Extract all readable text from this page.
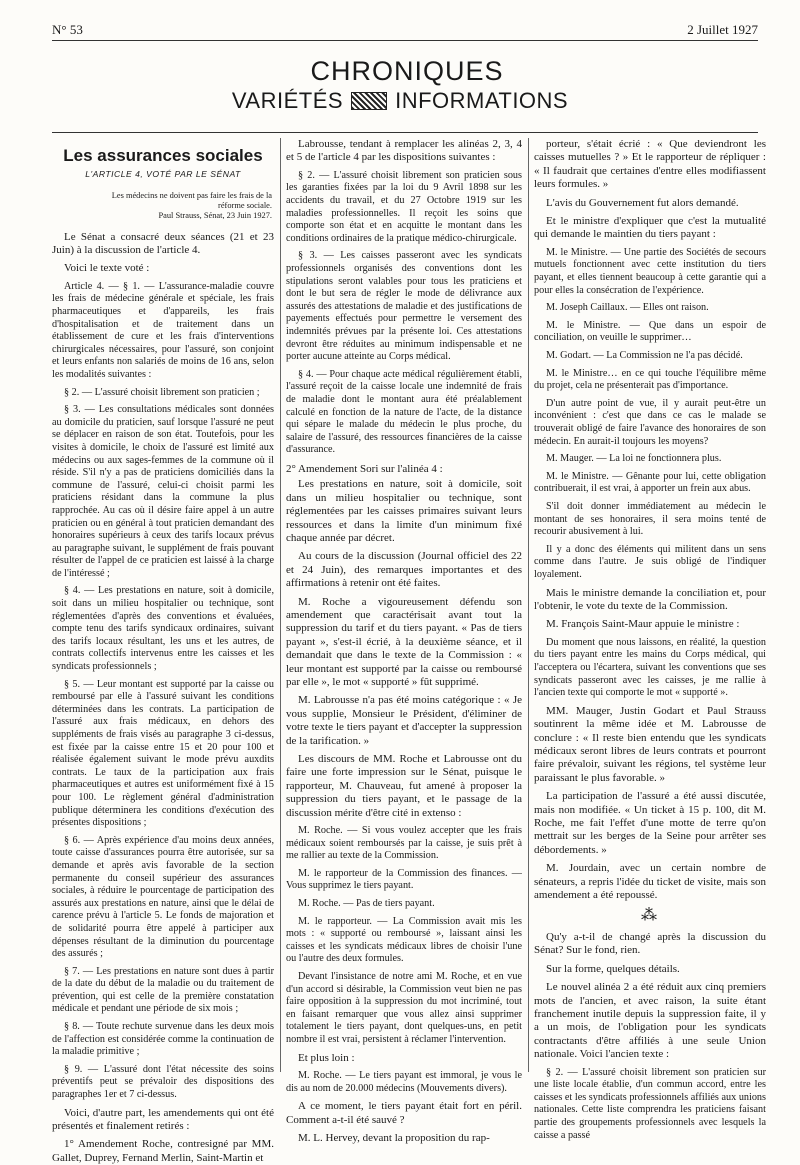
N° 53	2 Juillet 1927
CHRONIQUES
VARIÉTÉS INFORMATIONS
Les assurances sociales
L'ARTICLE 4, VOTÉ PAR LE SÉNAT
Les médecins ne doivent pas faire les frais de la réforme sociale.
Paul Strauss, Sénat, 23 Juin 1927.

Le Sénat a consacré deux séances (21 et 23 Juin) à la discussion de l'article 4.

Voici le texte voté :

Article 4. — § 1. — L'assurance-maladie couvre les frais de médecine générale et spéciale, les frais pharmaceutiques et d'appareils, les frais d'hospitalisation et de traitement dans un établissement de cure et les frais d'interventions chirurgicales nécessaires, pour l'assuré, son conjoint et leurs enfants non salariés de moins de 16 ans, selon les modalités suivantes :

§ 2. — L'assuré choisit librement son praticien ;

§ 3. — Les consultations médicales sont données au domicile du praticien, sauf lorsque l'assuré ne peut se déplacer en raison de son état. Toutefois, pour les visites à domicile, le choix de l'assuré est limité aux médecins ou aux sages-femmes de la commune où il réside. S'il n'y a pas de praticiens domiciliés dans la commune de l'assuré, celui-ci choisit parmi les praticiens résidant dans la commune la plus rapprochée. Au cas où il désire faire appel à un autre praticien ou en général à tout praticien demandant des honoraires supérieurs à ceux des tarifs locaux prévus au paragraphe suivant, le supplément de frais pouvant résulter de l'appel de ce praticien est laissé à la charge de l'intéressé ;

§ 4. — Les prestations en nature, soit à domicile, soit dans un milieu hospitalier ou technique, sont réglementées d'après des conventions et évaluées, compte tenu des tarifs syndicaux ordinaires, suivant des tarifs locaux résultant, les uns et les autres, de contrats collectifs intervenus entre les caisses et les syndicats professionnels ;

§ 5. — Leur montant est supporté par la caisse ou remboursé par elle à l'assuré suivant les conditions déterminées dans les contrats. La participation de l'assuré aux frais médicaux, en dehors des suppléments de frais visés au paragraphe 3 ci-dessus, est fixée par la caisse entre 15 et 20 pour 100 et réalisée également suivant le mode prévu auxdits contrats. Le taux de la participation aux frais pharmaceutiques et autres est uniformément fixé à 15 pour 100. Le règlement général d'administration publique déterminera les conditions d'exécution des présentes dispositions ;

§ 6. — Après expérience d'au moins deux années, toute caisse d'assurances pourra être autorisée, sur sa demande et après avis favorable de la section permanente du conseil supérieur des assurances sociales, à réduire le pourcentage de participation des assurés aux prestations en nature, ainsi que le délai de carence prévu à l'article 5. Le fonds de majoration et de solidarité pourra être appelé à participer aux dépenses résultant de la diminution du pourcentage des assurés ;

§ 7. — Les prestations en nature sont dues à partir de la date du début de la maladie ou du traitement de prévention, qui est celle de la première constatation médicale et pendant une période de six mois ;

§ 8. — Toute rechute survenue dans les deux mois de l'affection est considérée comme la continuation de la maladie primitive ;

§ 9. — L'assuré dont l'état nécessite des soins préventifs peut se prévaloir des dispositions des paragraphes 1er et 7 ci-dessus.

Voici, d'autre part, les amendements qui ont été présentés et finalement retirés :

1° Amendement Roche, contresigné par MM. Gallet, Duprey, Fernand Merlin, Saint-Martin et

Labrousse, tendant à remplacer les alinéas 2, 3, 4 et 5 de l'article 4 par les dispositions suivantes :

§ 2. — L'assuré choisit librement son praticien sous les garanties fixées par la loi du 9 Avril 1898 sur les accidents du travail, et du 27 Octobre 1919 sur les maladies professionnelles. Il reçoit les soins que comporte son état et en acquitte le montant dans les conditions ordinaires de la pratique médico-chirurgicale.

§ 3. — Les caisses passeront avec les syndicats professionnels organisés des conventions dont les stipulations seront valables pour tous les praticiens et dont le but sera de régler le mode de délivrance aux assurés des attestations de maladie et des justifications de payements effectués pour permettre le versement des indemnités prévues par la présente loi. Ces attestations devront être réduites au minimum indispensable et ne porter aucune atteinte au Corps médical.

§ 4. — Pour chaque acte médical régulièrement établi, l'assuré reçoit de la caisse locale une indemnité de frais de maladie dont le montant aura été préalablement calculé en fonction de la nature de l'acte, de la distance qui sépare le malade du médecin le plus proche, du salaire de l'assuré, des ressources financières de la caisse d'assurance.

2° Amendement Sori sur l'alinéa 4 :

Les prestations en nature, soit à domicile, soit dans un milieu hospitalier ou technique, sont réglementées par les caisses primaires suivant leurs ressources et dans la limite d'un minimum fixé chaque année par décret.

Au cours de la discussion (Journal officiel des 22 et 24 Juin), des remarques importantes et des affirmations à retenir ont été faites.

M. Roche a vigoureusement défendu son amendement que caractérisait avant tout la suppression du tarif et du tiers payant. « Pas de tiers payant », s'est-il écrié, à la deuxième séance, et il demandait que dans le texte de la Commission : « leur montant est supporté par la caisse ou remboursé par elle », le mot « supporté » fût supprimé.

M. Labrousse n'a pas été moins catégorique : « Je vous supplie, Monsieur le Président, d'éliminer de votre texte le tiers payant et d'accepter la suppression de la tarification. »

Les discours de MM. Roche et Labrousse ont du faire une forte impression sur le Sénat, puisque le rapporteur, M. Chauveau, fut amené à proposer la suppression du tiers payant, et le passage de la discussion mérite d'être cité in extenso :

M. Roche. — Si vous voulez accepter que les frais médicaux soient remboursés par la caisse, je suis prêt à me rallier au texte de la Commission.

M. le rapporteur de la Commission des finances. — Vous supprimez le tiers payant.

M. Roche. — Pas de tiers payant.

M. le rapporteur. — La Commission avait mis les mots : « supporté ou remboursé », laissant ainsi les caisses et les syndicats médicaux libres de choisir l'une ou l'autre des deux formules.

Devant l'insistance de notre ami M. Roche, et en vue d'un accord si désirable, la Commission veut bien ne pas faire opposition à la suppression du mot incriminé, tout en faisant remarquer que vous allez ainsi supprimer totalement le tiers payant, dont quelques-uns, en petit nombre il est vrai, persistent à réclamer l'intervention.

Et plus loin :

M. Roche. — Le tiers payant est immoral, je vous le dis au nom de 20.000 médecins (Mouvements divers).

A ce moment, le tiers payant était fort en péril. Comment a-t-il été sauvé ?

M. L. Hervey, devant la proposition du rap-

porteur, s'était écrié : « Que deviendront les caisses mutuelles ? » Et le rapporteur de répliquer : « Il faudrait que certaines d'entre elles modifiassent leurs formules. »

L'avis du Gouvernement fut alors demandé.

Et le ministre d'expliquer que c'est la mutualité qui demande le maintien du tiers payant :

M. le Ministre. — Une partie des Sociétés de secours mutuels fonctionnent avec cette institution du tiers payant, et elles tiennent beaucoup à cette garantie qui a pour elles la consécration de l'expérience.

M. Joseph Caillaux. — Elles ont raison.

M. le Ministre. — Que dans un espoir de conciliation, on veuille le supprimer…

M. Godart. — La Commission ne l'a pas décidé.

M. le Ministre… en ce qui touche l'équilibre même du projet, cela ne présenterait pas d'importance.

D'un autre point de vue, il y aurait peut-être un inconvénient : c'est que dans ce cas le malade se trouverait obligé de faire l'avance des honoraires de son médecin. En aurait-il toujours les moyens?

M. Mauger. — La loi ne fonctionnera plus.

M. le Ministre. — Gênante pour lui, cette obligation contribuerait, il est vrai, à apporter un frein aux abus.

S'il doit donner immédiatement au médecin le montant de ses honoraires, il sera moins tenté de recourir abusivement à lui.

Il y a donc des éléments qui militent dans un sens comme dans l'autre. Je suis obligé de l'indiquer loyalement.

Mais le ministre demande la conciliation et, pour l'obtenir, le vote du texte de la Commission.

M. François Saint-Maur appuie le ministre :

Du moment que nous laissons, en réalité, la question du tiers payant entre les mains du Corps médical, qui l'acceptera ou l'écartera, suivant les conventions que ses syndicats passeront avec les caisses, je me rallie à l'ancien texte qui comporte le mot « supporté ».

MM. Mauger, Justin Godart et Paul Strauss soutinrent la même idée et M. Labrousse de conclure : « Il reste bien entendu que les syndicats médicaux seront libres de leurs contrats et pourront faire prévaloir, suivant les régions, tel système leur paraissant le plus favorable. »

La participation de l'assuré a été aussi discutée, mais non modifiée. « Un ticket à 15 p. 100, dit M. Roche, me fait l'effet d'une motte de terre qu'on mettrait sur les berges de la Seine pour arrêter ses débordements. »

M. Jourdain, avec un certain nombre de sénateurs, a repris l'idée du ticket de visite, mais son amendement a été repoussé.

⁂

Qu'y a-t-il de changé après la discussion du Sénat? Sur le fond, rien.

Sur la forme, quelques détails.

Le nouvel alinéa 2 a été réduit aux cinq premiers mots de l'ancien, et avec raison, la suite étant franchement inutile depuis la suppression faite, il y a un mois, de l'obligation pour les syndicats contractants d'être affiliés à une seule Union nationale. Voici l'ancien texte :

§ 2. — L'assuré choisit librement son praticien sur une liste locale établie, d'un commun accord, entre les caisses et les syndicats professionnels affiliés aux unions nationales. Cette liste comprendra les praticiens faisant partie des groupements professionnels avec lesquels la caisse a passé
